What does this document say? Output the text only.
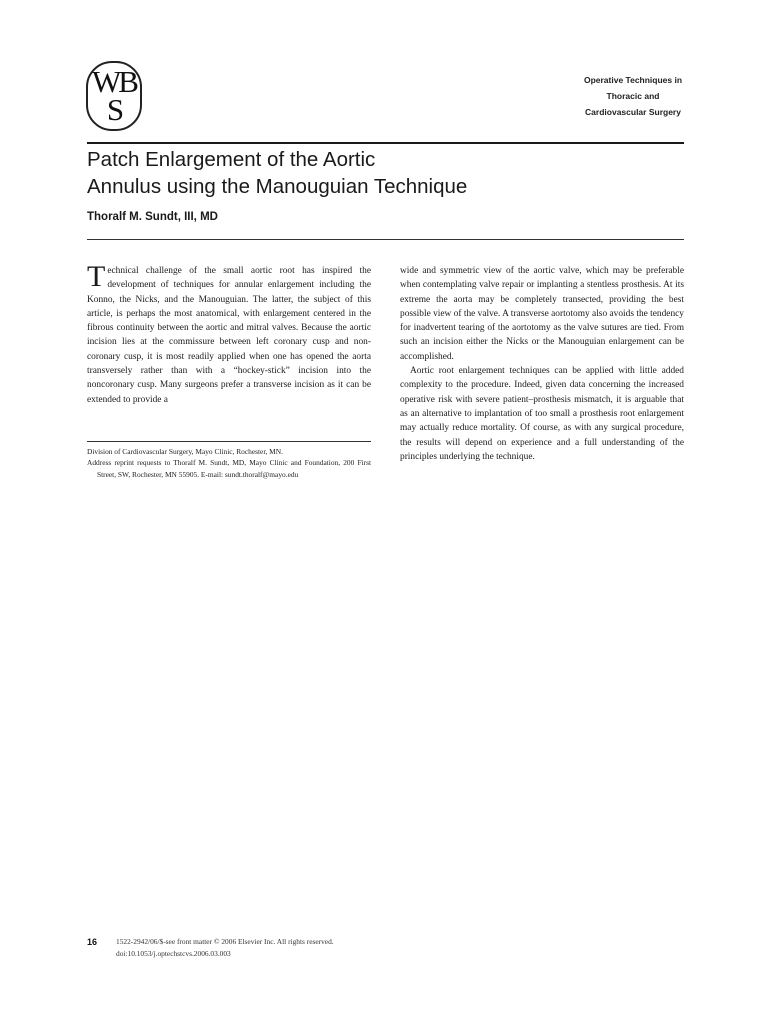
WB
S
Operative Techniques in
Thoracic and
Cardiovascular Surgery
Patch Enlargement of the Aortic
Annulus using the Manouguian Technique
Thoralf M. Sundt, III, MD

Technical challenge of the small aortic root has inspired the development of techniques for annular enlargement including the Konno, the Nicks, and the Manouguian. The latter, the subject of this article, is perhaps the most anatomical, with enlargement centered in the fibrous continuity between the aortic and mitral valves. Because the aortic incision lies at the commissure between left coronary cusp and noncoronary cusp, it is most readily applied when one has opened the aorta transversely rather than with a “hockey-stick” incision into the noncoronary cusp. Many surgeons prefer a transverse incision as it can be extended to provide a

wide and symmetric view of the aortic valve, which may be preferable when contemplating valve repair or implanting a stentless prosthesis. At its extreme the aorta may be completely transected, providing the best possible view of the valve. A transverse aortotomy also avoids the tendency for inadvertent tearing of the aortotomy as the valve sutures are tied. From such an incision either the Nicks or the Manouguian enlargement can be accomplished.

Aortic root enlargement techniques can be applied with little added complexity to the procedure. Indeed, given data concerning the increased operative risk with severe patient–prosthesis mismatch, it is arguable that as an alternative to implantation of too small a prosthesis root enlargement may actually reduce mortality. Of course, as with any surgical procedure, the results will depend on experience and a full understanding of the principles underlying the technique.

Division of Cardiovascular Surgery, Mayo Clinic, Rochester, MN.

Address reprint requests to Thoralf M. Sundt, MD, Mayo Clinic and Foundation, 200 First Street, SW, Rochester, MN 55905. E-mail: sundt.thoralf@mayo.edu

16	1522-2942/06/$-see front matter © 2006 Elsevier Inc. All rights reserved.
doi:10.1053/j.optechstcvs.2006.03.003
